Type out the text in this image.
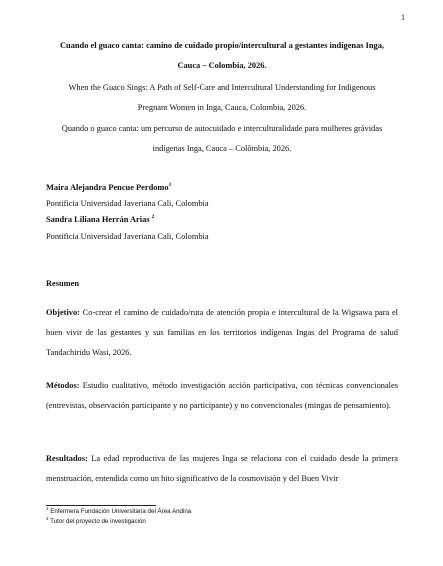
1
Cuando el guaco canta: camino de cuidado propio/intercultural a gestantes indígenas Inga,
Cauca – Colombia, 2026.
When the Guaco Sings: A Path of Self-Care and Intercultural Understanding for Indigenous
Pregnant Women in Inga, Cauca, Colombia, 2026.
Quando o guaco canta: um percurso de autocuidado e interculturalidade para mulheres grávidas
indígenas Inga, Cauca – Colômbia, 2026.
Maira Alejandra Pencue Perdomo$^1$
Pontificia Universidad Javeriana Cali, Colombia
Sandra Liliana Herrán Arias $^2$
Pontificia Universidad Javeriana Cali, Colombia
Resumen
Objetivo: Co-crear el camino de cuidado/ruta de atención propia e intercultural de la Wigsawa para el buen vivir de las gestantes y sus familias en los territorios indígenas Ingas del Programa de salud Tandachiridu Wasi, 2026.
Métodos: Estudio cualitativo, método investigación acción participativa, con técnicas convencionales (entrevistas, observación participante y no participante) y no convencionales (mingas de pensamiento).
Resultados: La edad reproductiva de las mujeres Inga se relaciona con el cuidado desde la primera menstruación, entendida como un hito significativo de la cosmovisión y del Buen Vivir
$^1$ Enfermera Fundación Universitaria del Área Andina
$^2$ Tutor del proyecto de investigación
